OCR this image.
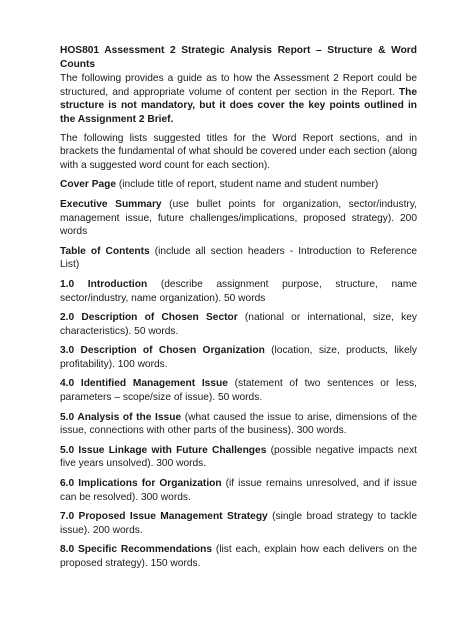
HOS801 Assessment 2 Strategic Analysis Report – Structure & Word Counts

The following provides a guide as to how the Assessment 2 Report could be structured, and appropriate volume of content per section in the Report. The structure is not mandatory, but it does cover the key points outlined in the Assignment 2 Brief.

The following lists suggested titles for the Word Report sections, and in brackets the fundamental of what should be covered under each section (along with a suggested word count for each section).

Cover Page (include title of report, student name and student number)

Executive Summary (use bullet points for organization, sector/industry, management issue, future challenges/implications, proposed strategy). 200 words

Table of Contents (include all section headers - Introduction to Reference List)

1.0 Introduction (describe assignment purpose, structure, name sector/industry, name organization). 50 words

2.0 Description of Chosen Sector (national or international, size, key characteristics). 50 words.

3.0 Description of Chosen Organization (location, size, products, likely profitability). 100 words.

4.0 Identified Management Issue (statement of two sentences or less, parameters – scope/size of issue). 50 words.

5.0 Analysis of the Issue (what caused the issue to arise, dimensions of the issue, connections with other parts of the business). 300 words.

5.0 Issue Linkage with Future Challenges (possible negative impacts next five years unsolved). 300 words.

6.0 Implications for Organization (if issue remains unresolved, and if issue can be resolved). 300 words.

7.0 Proposed Issue Management Strategy (single broad strategy to tackle issue). 200 words.

8.0 Specific Recommendations (list each, explain how each delivers on the proposed strategy). 150 words.
